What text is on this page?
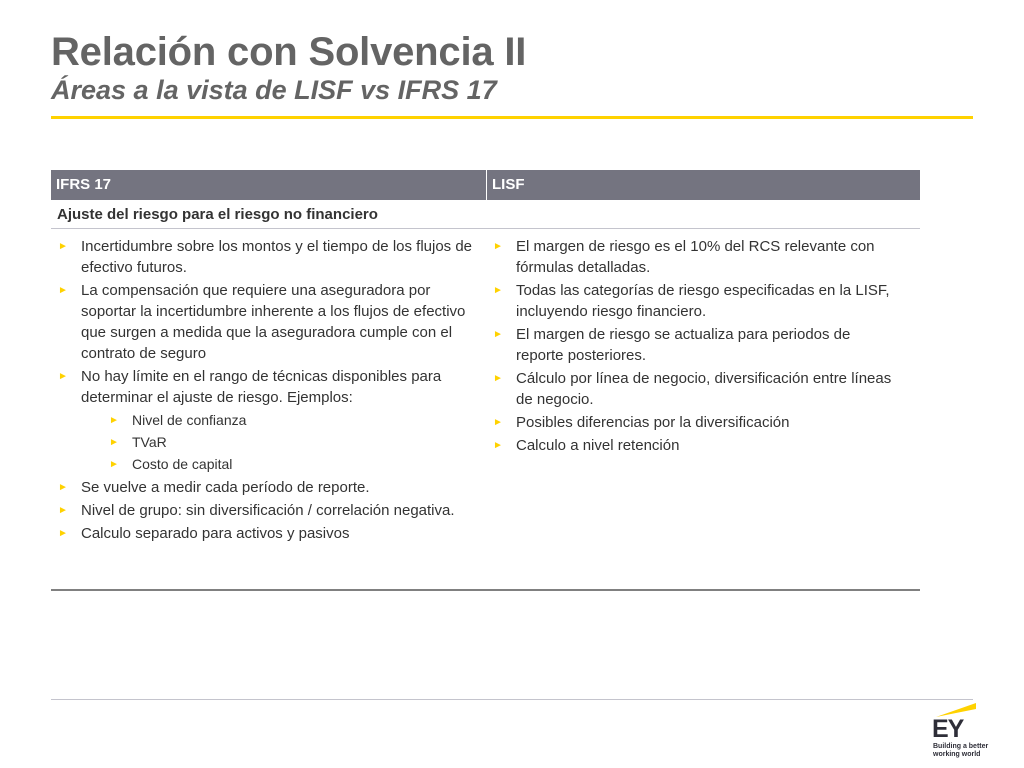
Relación con Solvencia II
Áreas a la vista de LISF vs IFRS 17
IFRS 17	LISF
Ajuste del riesgo para el riesgo no financiero
► Incertidumbre sobre los montos y el tiempo de los flujos de efectivo futuros.
► La compensación que requiere una aseguradora por soportar la incertidumbre inherente a los flujos de efectivo que surgen a medida que la aseguradora cumple con el contrato de seguro
► No hay límite en el rango de técnicas disponibles para determinar el ajuste de riesgo. Ejemplos:
► Nivel de confianza
► TVaR
► Costo de capital
► Se vuelve a medir cada período de reporte.
► Nivel de grupo: sin diversificación / correlación negativa.
► Calculo separado para activos y pasivos
► El margen de riesgo es el 10% del RCS relevante con fórmulas detalladas.
► Todas las categorías de riesgo especificadas en la LISF, incluyendo riesgo financiero.
► El margen de riesgo se actualiza para periodos de reporte posteriores.
► Cálculo por línea de negocio, diversificación entre líneas de negocio.
► Posibles diferencias por la diversificación
► Calculo a nivel retención
EY
Building a better
working world
